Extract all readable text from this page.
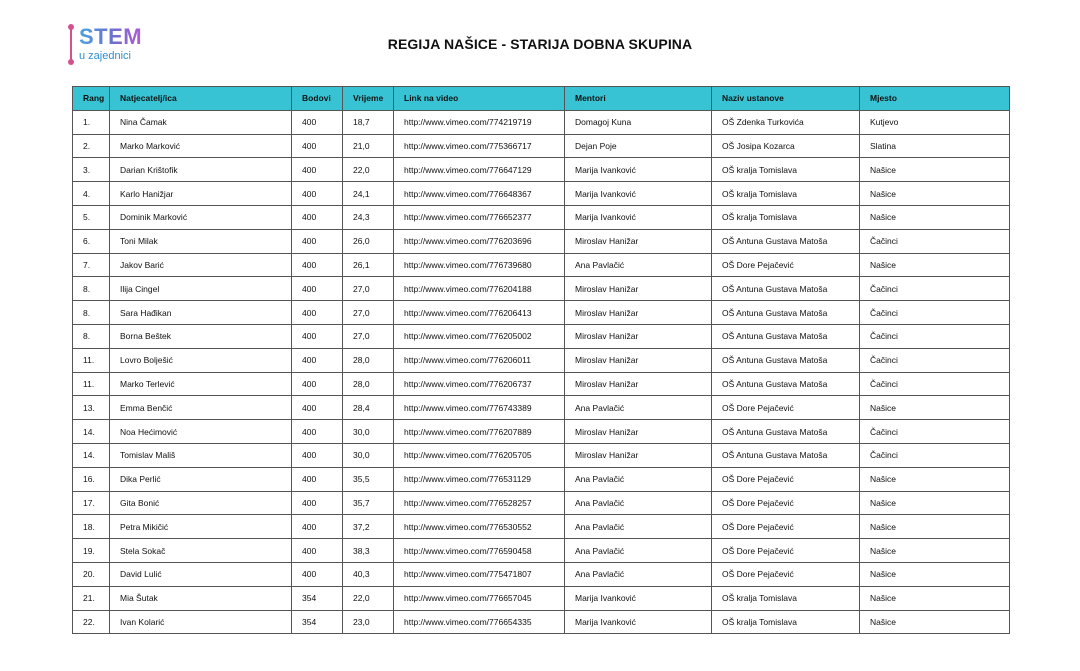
STEM
u zajednici
REGIJA NAŠICE - STARIJA DOBNA SKUPINA
Rang	Natjecatelj/ica	Bodovi	Vrijeme	Link na video	Mentori	Naziv ustanove	Mjesto
1.	Nina Čamak	400	18,7	http://www.vimeo.com/774219719	Domagoj Kuna	OŠ Zdenka Turkovića	Kutjevo
2.	Marko Marković	400	21,0	http://www.vimeo.com/775366717	Dejan Poje	OŠ Josipa Kozarca	Slatina
3.	Darian Krištofik	400	22,0	http://www.vimeo.com/776647129	Marija Ivanković	OŠ kralja Tomislava	Našice
4.	Karlo Hanižjar	400	24,1	http://www.vimeo.com/776648367	Marija Ivanković	OŠ kralja Tomislava	Našice
5.	Dominik Marković	400	24,3	http://www.vimeo.com/776652377	Marija Ivanković	OŠ kralja Tomislava	Našice
6.	Toni Milak	400	26,0	http://www.vimeo.com/776203696	Miroslav Hanižar	OŠ Antuna Gustava Matoša	Čačinci
7.	Jakov Barić	400	26,1	http://www.vimeo.com/776739680	Ana Pavlačić	OŠ Dore Pejačević	Našice
8.	Ilija Cingel	400	27,0	http://www.vimeo.com/776204188	Miroslav Hanižar	OŠ Antuna Gustava Matoša	Čačinci
8.	Sara Hađikan	400	27,0	http://www.vimeo.com/776206413	Miroslav Hanižar	OŠ Antuna Gustava Matoša	Čačinci
8.	Borna Beštek	400	27,0	http://www.vimeo.com/776205002	Miroslav Hanižar	OŠ Antuna Gustava Matoša	Čačinci
11.	Lovro Bolješić	400	28,0	http://www.vimeo.com/776206011	Miroslav Hanižar	OŠ Antuna Gustava Matoša	Čačinci
11.	Marko Terlević	400	28,0	http://www.vimeo.com/776206737	Miroslav Hanižar	OŠ Antuna Gustava Matoša	Čačinci
13.	Emma Benčić	400	28,4	http://www.vimeo.com/776743389	Ana Pavlačić	OŠ Dore Pejačević	Našice
14.	Noa Hećimović	400	30,0	http://www.vimeo.com/776207889	Miroslav Hanižar	OŠ Antuna Gustava Matoša	Čačinci
14.	Tomislav Mališ	400	30,0	http://www.vimeo.com/776205705	Miroslav Hanižar	OŠ Antuna Gustava Matoša	Čačinci
16.	Dika Perlić	400	35,5	http://www.vimeo.com/776531129	Ana Pavlačić	OŠ Dore Pejačević	Našice
17.	Gita Bonić	400	35,7	http://www.vimeo.com/776528257	Ana Pavlačić	OŠ Dore Pejačević	Našice
18.	Petra Mikičić	400	37,2	http://www.vimeo.com/776530552	Ana Pavlačić	OŠ Dore Pejačević	Našice
19.	Stela Sokač	400	38,3	http://www.vimeo.com/776590458	Ana Pavlačić	OŠ Dore Pejačević	Našice
20.	David Lulić	400	40,3	http://www.vimeo.com/775471807	Ana Pavlačić	OŠ Dore Pejačević	Našice
21.	Mia Šutak	354	22,0	http://www.vimeo.com/776657045	Marija Ivanković	OŠ kralja Tomislava	Našice
22.	Ivan Kolarić	354	23,0	http://www.vimeo.com/776654335	Marija Ivanković	OŠ kralja Tomislava	Našice
